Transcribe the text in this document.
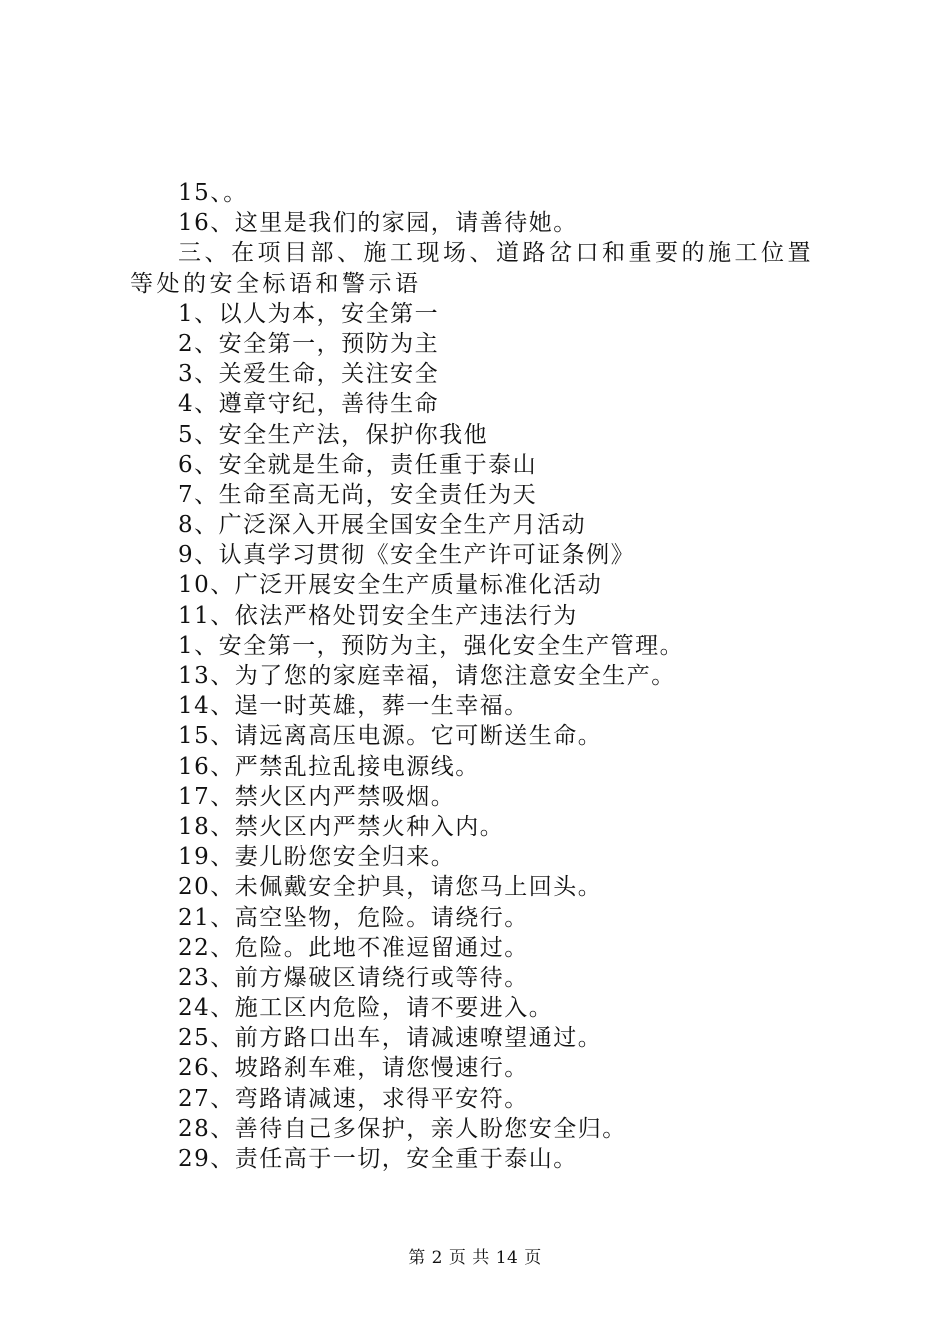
15、。
16、这里是我们的家园，请善待她。
三、在项目部、施工现场、道路岔口和重要的施工位置等处的安全标语和警示语
1、以人为本，安全第一
2、安全第一，预防为主
3、关爱生命，关注安全
4、遵章守纪，善待生命
5、安全生产法，保护你我他
6、安全就是生命，责任重于泰山
7、生命至高无尚，安全责任为天
8、广泛深入开展全国安全生产月活动
9、认真学习贯彻《安全生产许可证条例》
10、广泛开展安全生产质量标准化活动
11、依法严格处罚安全生产违法行为
1、安全第一，预防为主，强化安全生产管理。
13、为了您的家庭幸福，请您注意安全生产。
14、逞一时英雄，葬一生幸福。
15、请远离高压电源。它可断送生命。
16、严禁乱拉乱接电源线。
17、禁火区内严禁吸烟。
18、禁火区内严禁火种入内。
19、妻儿盼您安全归来。
20、未佩戴安全护具，请您马上回头。
21、高空坠物，危险。请绕行。
22、危险。此地不准逗留通过。
23、前方爆破区请绕行或等待。
24、施工区内危险，请不要进入。
25、前方路口出车，请减速嘹望通过。
26、坡路刹车难，请您慢速行。
27、弯路请减速，求得平安符。
28、善待自己多保护，亲人盼您安全归。
29、责任高于一切，安全重于泰山。
第 2 页 共 14 页
